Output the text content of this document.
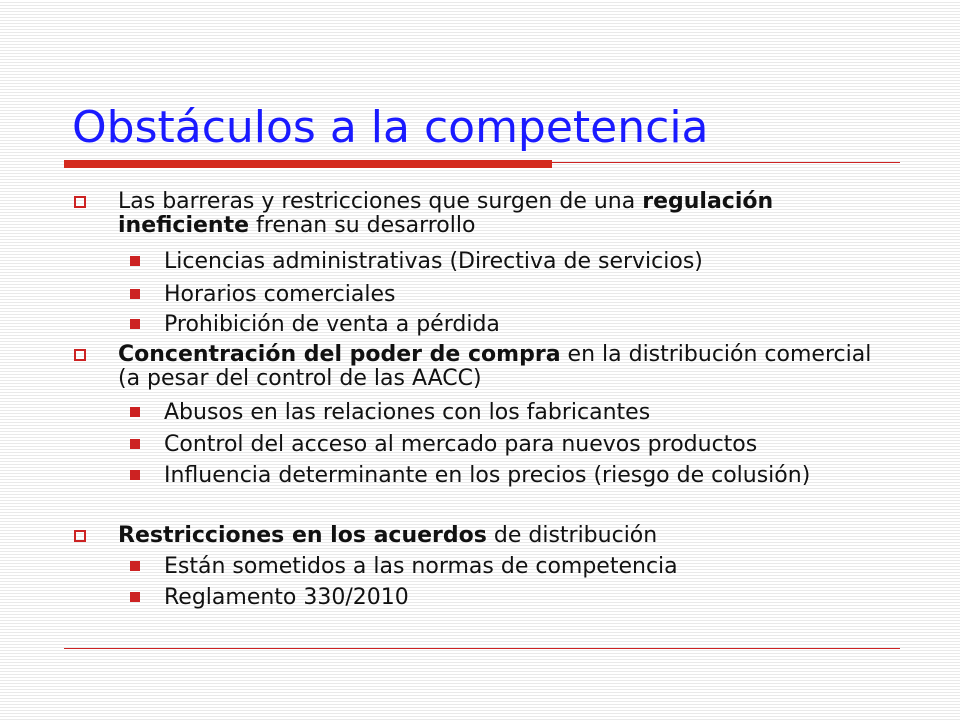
Obstáculos a la competencia
Las barreras y restricciones que surgen de una regulación ineficiente frenan su desarrollo
Licencias administrativas (Directiva de servicios)
Horarios comerciales
Prohibición de venta a pérdida
Concentración del poder de compra en la distribución comercial (a pesar del control de las AACC)
Abusos en las relaciones con los fabricantes
Control del acceso al mercado para nuevos productos
Influencia determinante en los precios (riesgo de colusión)
Restricciones en los acuerdos de distribución
Están sometidos a las normas de competencia
Reglamento 330/2010
